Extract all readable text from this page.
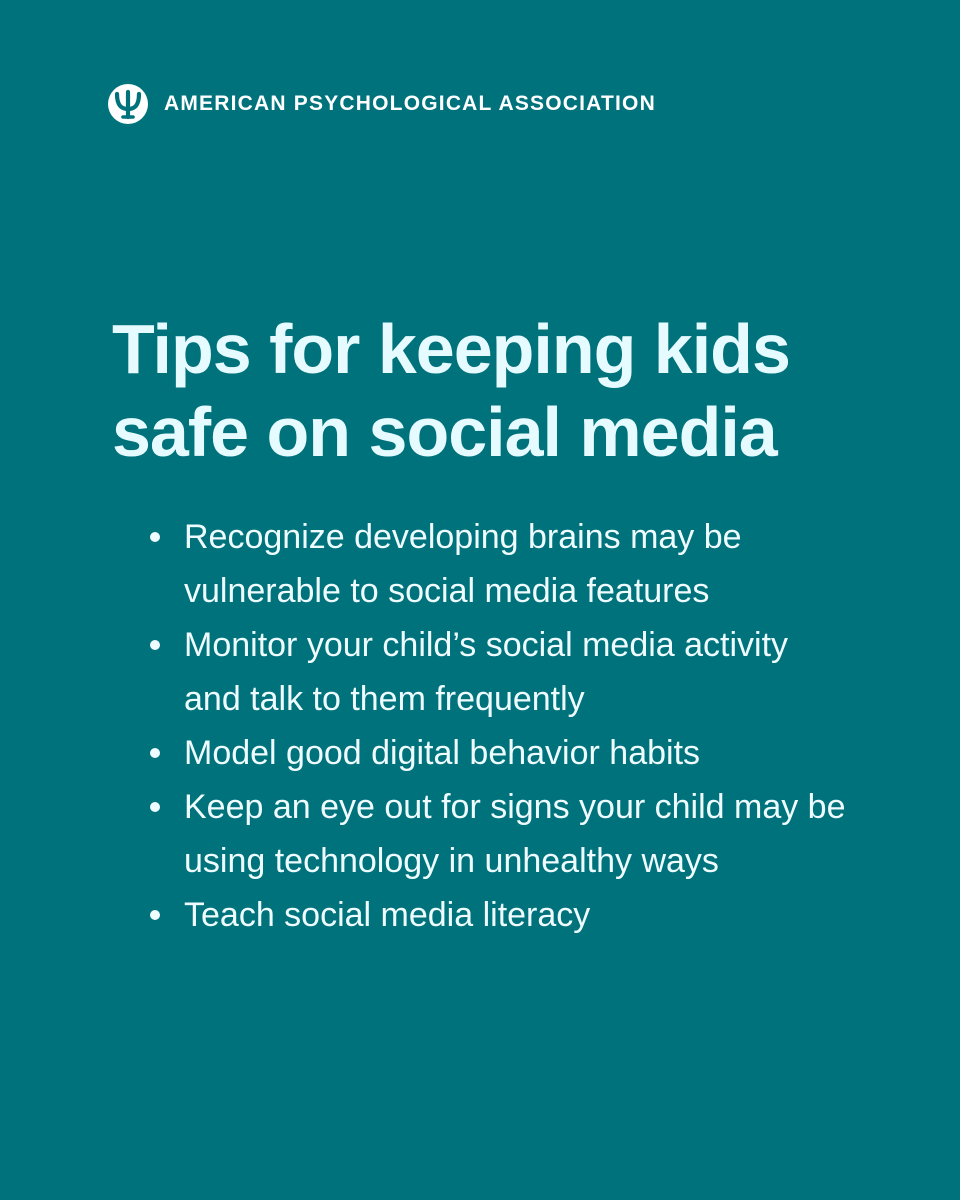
AMERICAN PSYCHOLOGICAL ASSOCIATION
Tips for keeping kids
safe on social media
Recognize developing brains may be vulnerable to social media features
Monitor your child’s social media activity and talk to them frequently
Model good digital behavior habits
Keep an eye out for signs your child may be using technology in unhealthy ways
Teach social media literacy
